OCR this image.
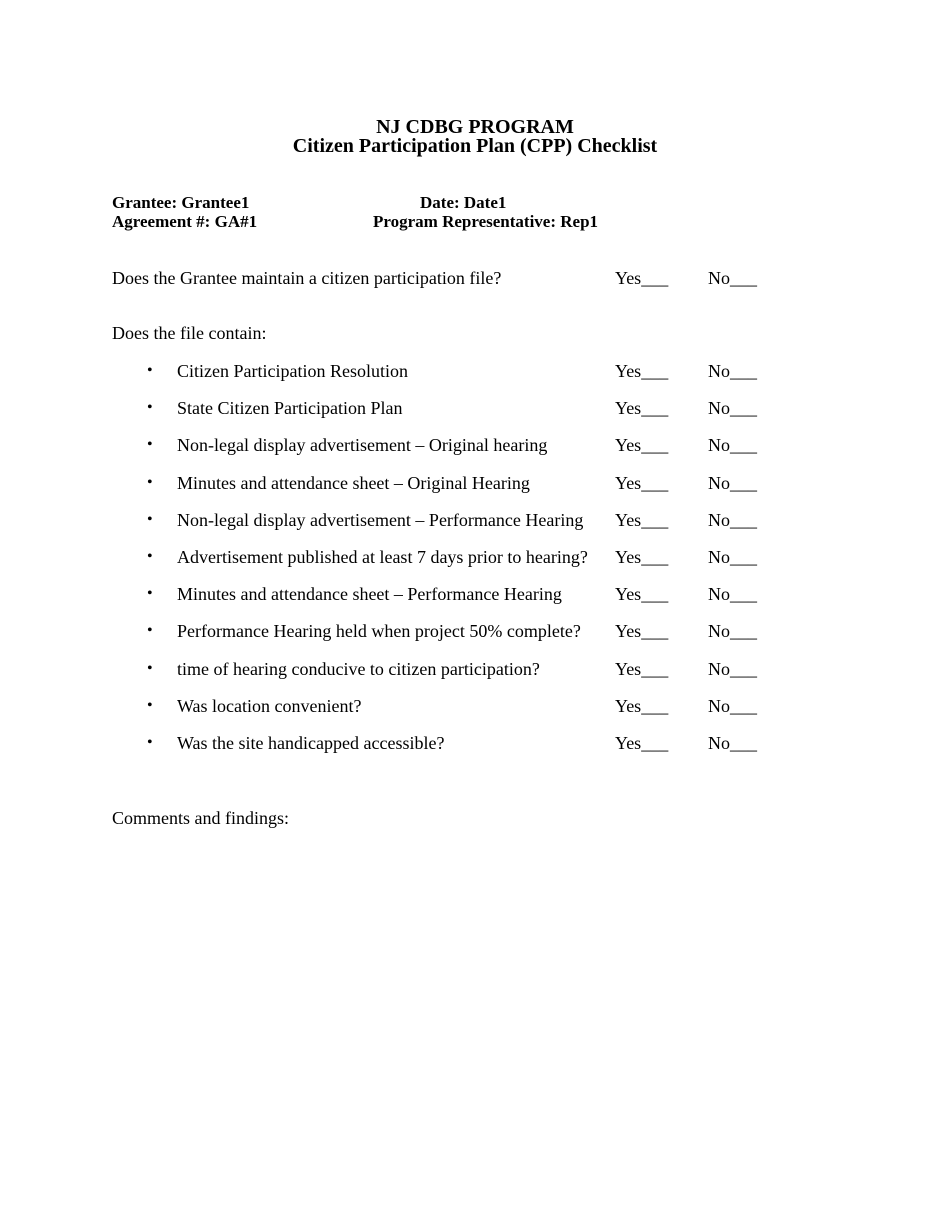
NJ CDBG PROGRAM
Citizen Participation Plan (CPP) Checklist
Grantee: Grantee1	Date: Date1
Agreement #: GA#1	Program Representative: Rep1
Does the Grantee maintain a citizen participation file?	Yes___ No___
Does the file contain:
• Citizen Participation Resolution	Yes___ No___
• State Citizen Participation Plan	Yes___ No___
• Non-legal display advertisement – Original hearing	Yes___ No___
• Minutes and attendance sheet – Original Hearing	Yes___ No___
• Non-legal display advertisement – Performance Hearing Yes___ No___
• Advertisement published at least 7 days prior to hearing? Yes___ No___
• Minutes and attendance sheet – Performance Hearing	Yes___ No___
• Performance Hearing held when project 50% complete? Yes___ No___
• time of hearing conducive to citizen participation?	Yes___ No___
• Was location convenient?	Yes___ No___
• Was the site handicapped accessible?	Yes___ No___
Comments and findings:
